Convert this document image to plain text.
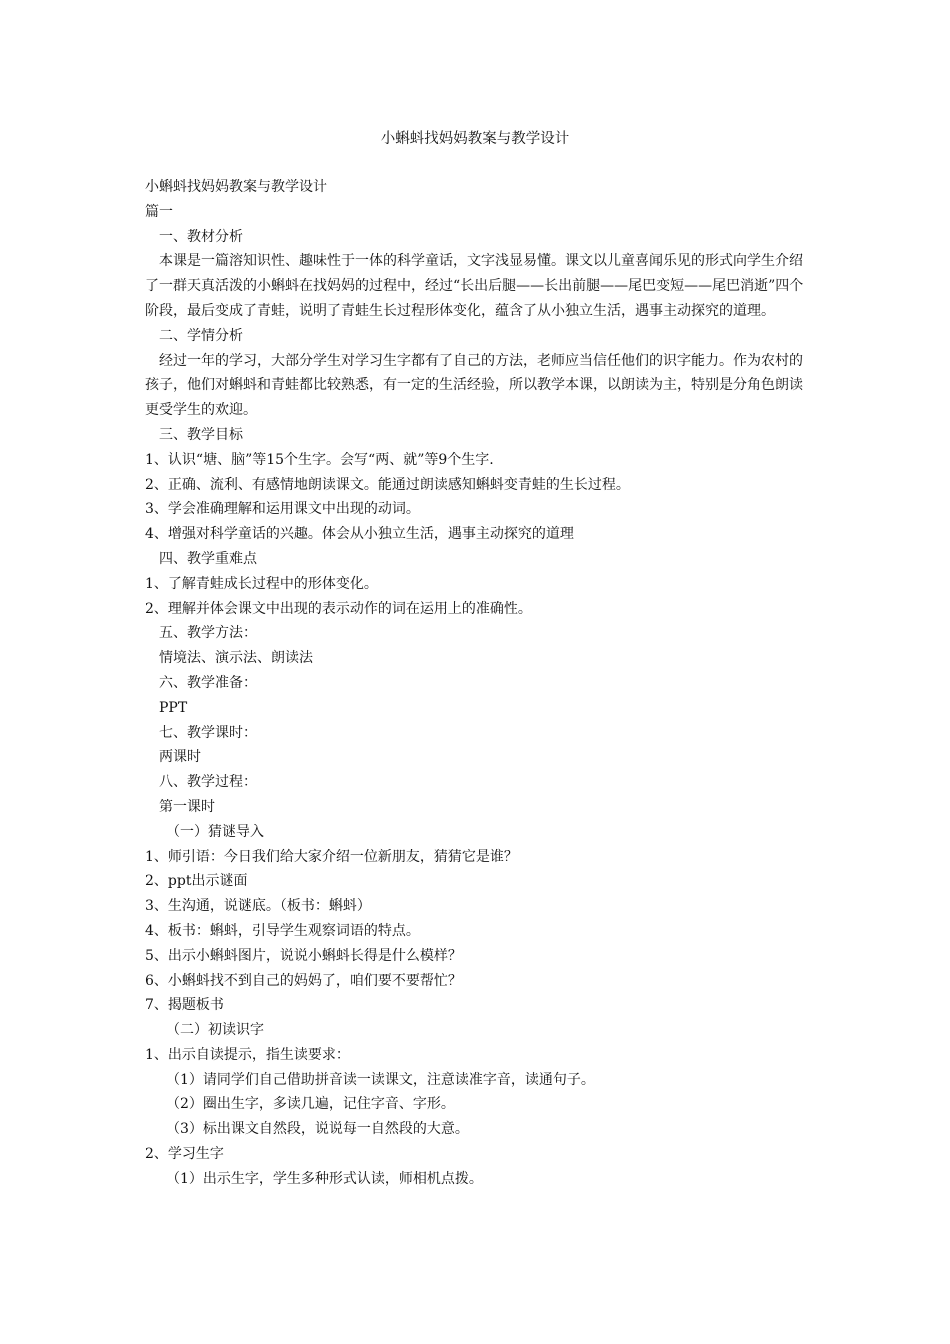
小蝌蚪找妈妈教案与教学设计
小蝌蚪找妈妈教案与教学设计
篇一
一、教材分析
本课是一篇溶知识性、趣味性于一体的科学童话，文字浅显易懂。课文以儿童喜闻乐见的形式向学生介绍了一群天真活泼的小蝌蚪在找妈妈的过程中，经过“长出后腿——长出前腿——尾巴变短——尾巴消逝”四个阶段，最后变成了青蛙，说明了青蛙生长过程形体变化，蕴含了从小独立生活，遇事主动探究的道理。
二、学情分析
经过一年的学习，大部分学生对学习生字都有了自己的方法，老师应当信任他们的识字能力。作为农村的孩子，他们对蝌蚪和青蛙都比较熟悉，有一定的生活经验，所以教学本课，以朗读为主，特别是分角色朗读更受学生的欢迎。
三、教学目标
1、认识“塘、脑”等15个生字。会写“两、就”等9个生字.
2、正确、流利、有感情地朗读课文。能通过朗读感知蝌蚪变青蛙的生长过程。
3、学会准确理解和运用课文中出现的动词。
4、增强对科学童话的兴趣。体会从小独立生活，遇事主动探究的道理
四、教学重难点
1、了解青蛙成长过程中的形体变化。
2、理解并体会课文中出现的表示动作的词在运用上的准确性。
五、教学方法：
情境法、演示法、朗读法
六、教学准备：
PPT
七、教学课时：
两课时
八、教学过程：
第一课时
（一）猜谜导入
1、师引语：今日我们给大家介绍一位新朋友，猜猜它是谁？
2、ppt出示谜面
3、生沟通，说谜底。（板书：蝌蚪）
4、板书：蝌蚪，引导学生观察词语的特点。
5、出示小蝌蚪图片，说说小蝌蚪长得是什么模样？
6、小蝌蚪找不到自己的妈妈了，咱们要不要帮忙？
7、揭题板书
（二）初读识字
1、出示自读提示，指生读要求：
（1）请同学们自己借助拼音读一读课文，注意读准字音，读通句子。
（2）圈出生字，多读几遍，记住字音、字形。
（3）标出课文自然段，说说每一自然段的大意。
2、学习生字
（1）出示生字，学生多种形式认读，师相机点拨。
